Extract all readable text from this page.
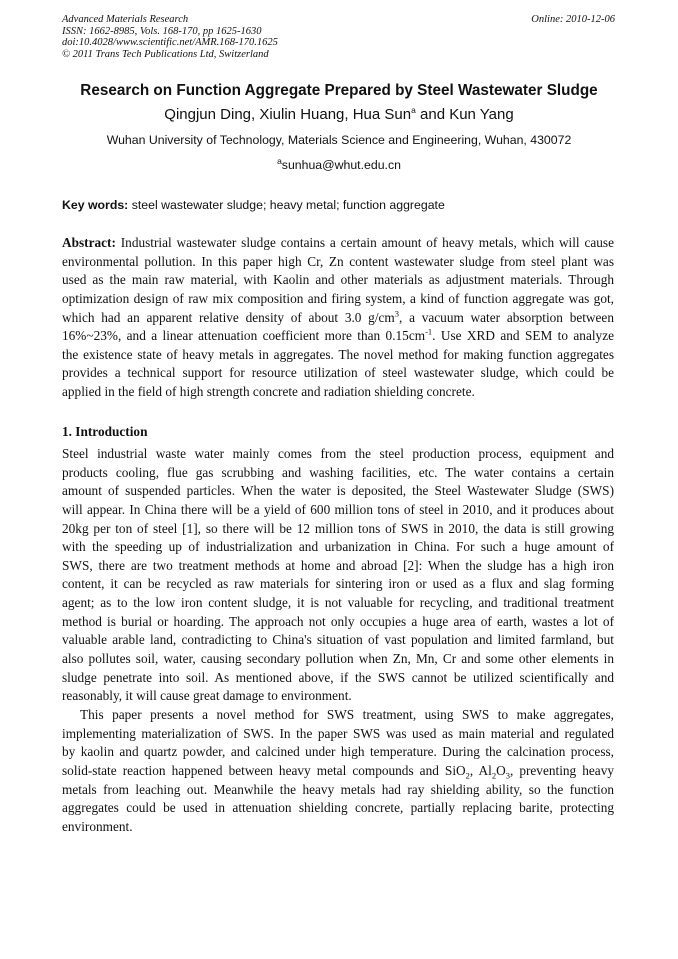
Advanced Materials Research
ISSN: 1662-8985, Vols. 168-170, pp 1625-1630
doi:10.4028/www.scientific.net/AMR.168-170.1625
© 2011 Trans Tech Publications Ltd, Switzerland
Online: 2010-12-06
Research on Function Aggregate Prepared by Steel Wastewater Sludge
Qingjun Ding, Xiulin Huang, Hua Sun$^a$ and Kun Yang
Wuhan University of Technology, Materials Science and Engineering, Wuhan, 430072
$^a$sunhua@whut.edu.cn
Key words: steel wastewater sludge; heavy metal; function aggregate
Abstract: Industrial wastewater sludge contains a certain amount of heavy metals, which will cause
environmental pollution. In this paper high Cr, Zn content wastewater sludge from steel plant was
used as the main raw material, with Kaolin and other materials as adjustment materials. Through
optimization design of raw mix composition and firing system, a kind of function aggregate was got,
which had an apparent relative density of about 3.0 $g/cm^3$, a vacuum water absorption between
16%~23%, and a linear attenuation coefficient more than $0.15cm^{-1}$. Use XRD and SEM to analyze
the existence state of heavy metals in aggregates. The novel method for making function aggregates
provides a technical support for resource utilization of steel wastewater sludge, which could be
applied in the field of high strength concrete and radiation shielding concrete.
1. Introduction
Steel industrial waste water mainly comes from the steel production process, equipment and
products cooling, flue gas scrubbing and washing facilities, etc. The water contains a certain
amount of suspended particles. When the water is deposited, the Steel Wastewater Sludge (SWS)
will appear. In China there will be a yield of 600 million tons of steel in 2010, and it produces about
20kg per ton of steel [1], so there will be 12 million tons of SWS in 2010, the data is still growing
with the speeding up of industrialization and urbanization in China. For such a huge amount of
SWS, there are two treatment methods at home and abroad [2]: When the sludge has a high iron
content, it can be recycled as raw materials for sintering iron or used as a flux and slag forming
agent; as to the low iron content sludge, it is not valuable for recycling, and traditional treatment
method is burial or hoarding. The approach not only occupies a huge area of earth, wastes a lot of
valuable arable land, contradicting to China's situation of vast population and limited farmland, but
also pollutes soil, water, causing secondary pollution when Zn, Mn, Cr and some other elements in
sludge penetrate into soil. As mentioned above, if the SWS cannot be utilized scientifically and
reasonably, it will cause great damage to environment.
This paper presents a novel method for SWS treatment, using SWS to make aggregates,
implementing materialization of SWS. In the paper SWS was used as main material and regulated
by kaolin and quartz powder, and calcined under high temperature. During the calcination process,
solid-state reaction happened between heavy metal compounds and SiO$_2$, $Al_2O_3$, preventing heavy
metals from leaching out. Meanwhile the heavy metals had ray shielding ability, so the function
aggregates could be used in attenuation shielding concrete, partially replacing barite, protecting
environment.
